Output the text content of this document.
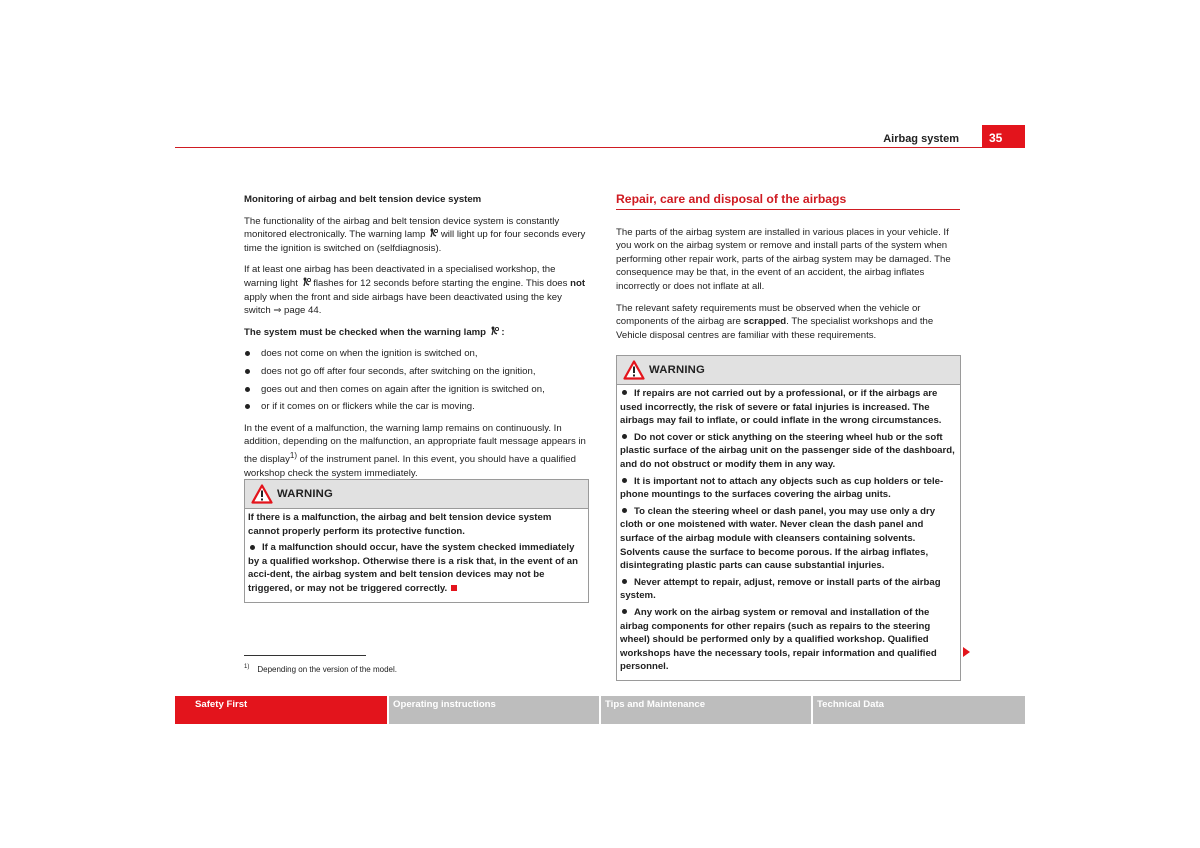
Airbag system	35

Monitoring of airbag and belt tension device system

The functionality of the airbag and belt tension device system is constantly monitored electronically. The warning lamp will light up for four seconds every time the ignition is switched on (selfdiagnosis).

If at least one airbag has been deactivated in a specialised workshop, the warning light flashes for 12 seconds before starting the engine. This does not apply when the front and side airbags have been deactivated using the key switch ⇒ page 44.

The system must be checked when the warning lamp :

does not come on when the ignition is switched on,
does not go off after four seconds, after switching on the ignition,
goes out and then comes on again after the ignition is switched on,
or if it comes on or flickers while the car is moving.

In the event of a malfunction, the warning lamp remains on continuously. In addition, depending on the malfunction, an appropriate fault message appears in the display$^{1)}$ of the instrument panel. In this event, you should have a qualified workshop check the system immediately.

WARNING

If there is a malfunction, the airbag and belt tension device system cannot properly perform its protective function.

If a malfunction should occur, have the system checked immediately by a qualified workshop. Otherwise there is a risk that, in the event of an acci-dent, the airbag system and belt tension devices may not be triggered, or may not be triggered correctly.

Repair, care and disposal of the airbags

The parts of the airbag system are installed in various places in your vehicle. If you work on the airbag system or remove and install parts of the system when performing other repair work, parts of the airbag system may be damaged. The consequence may be that, in the event of an accident, the airbag inflates incorrectly or does not inflate at all.

The relevant safety requirements must be observed when the vehicle or components of the airbag are scrapped. The specialist workshops and the Vehicle disposal centres are familiar with these requirements.

WARNING

If repairs are not carried out by a professional, or if the airbags are used incorrectly, the risk of severe or fatal injuries is increased. The airbags may fail to inflate, or could inflate in the wrong circumstances.

Do not cover or stick anything on the steering wheel hub or the soft plastic surface of the airbag unit on the passenger side of the dashboard, and do not obstruct or modify them in any way.

It is important not to attach any objects such as cup holders or tele-phone mountings to the surfaces covering the airbag units.

To clean the steering wheel or dash panel, you may use only a dry cloth or one moistened with water. Never clean the dash panel and surface of the airbag module with cleansers containing solvents. Solvents cause the surface to become porous. If the airbag inflates, disintegrating plastic parts can cause substantial injuries.

Never attempt to repair, adjust, remove or install parts of the airbag system.

Any work on the airbag system or removal and installation of the airbag components for other repairs (such as repairs to the steering wheel) should be performed only by a qualified workshop. Qualified workshops have the necessary tools, repair information and qualified personnel.

$^{1)}$ Depending on the version of the model.
Safety First	Operating instructions	Tips and Maintenance	Technical Data
